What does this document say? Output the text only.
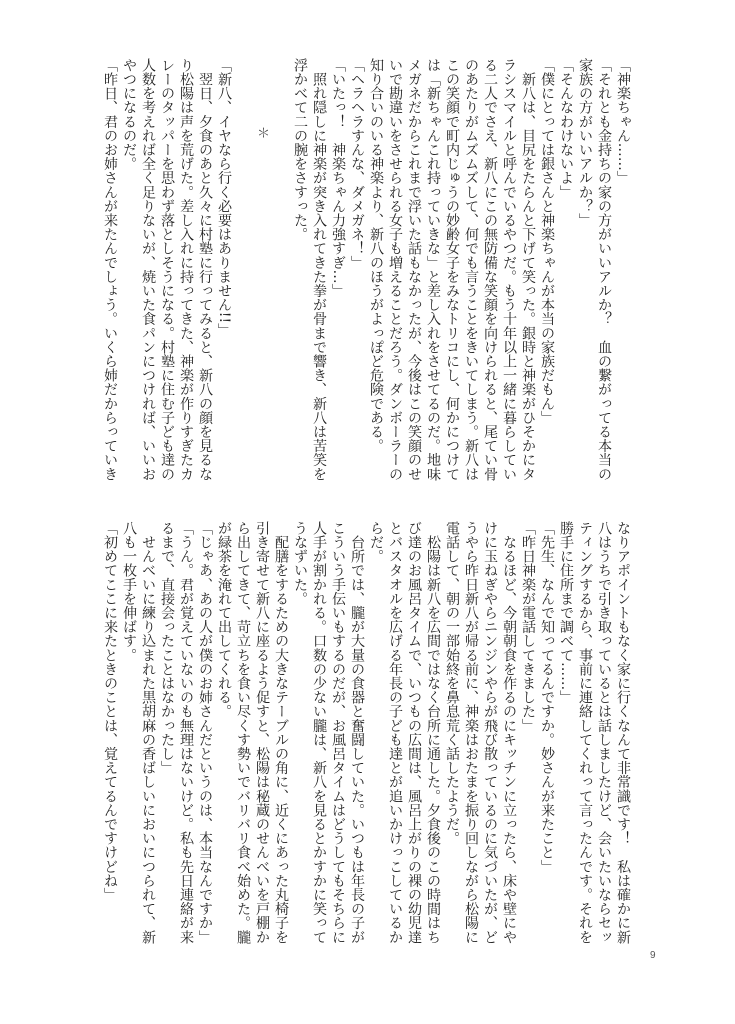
「神楽ちゃん……」
「それとも金持ちの家の方がいいアルか？　血の繋がってる本当の
家族の方がいいアルか？」
「そんなわけないよ」
「僕にとっては銀さんと神楽ちゃんが本当の家族だもん」
　新八は、目尻をたらんと下げて笑った。銀時と神楽がひそかにタ
ラシスマイルと呼んでいるやつだ。もう十年以上一緒に暮らしてい
る二人でさえ、新八にこの無防備な笑顔を向けられると、尾てい骨
のあたりがムズムズして、何でも言うことをきいてしまう。新八は
この笑顔で町内じゅうの妙齢女子をみなトリコにし、何かにつけて
は「新ちゃんこれ持っていきな」と差し入れをさせてるのだ。地味
メガネだからこれまで浮いた話もなかったが、今後はこの笑顔のせ
いで勘違いをさせられる女子も増えることだろう。ダンボーラーの
知り合いのいる神楽より、新八のほうがよっぽど危険である。
「ヘラヘラすんな、ダメガネ！」
「いたっ！　神楽ちゃん力強すぎ…」
　照れ隠しに神楽が突き入れてきた拳が骨まで響き、新八は苦笑を
浮かべて二の腕をさすった。
＊
「新八、イヤなら行く必要はありません!!」
　翌日、夕食のあと久々に村塾に行ってみると、新八の顔を見るな
り松陽は声を荒げた。差し入れに持ってきた、神楽が作りすぎたカ
レーのタッパーを思わず落としそうになる。村塾に住む子ども達の
人数を考えれば全く足りないが、焼いた食パンにつければ、いいお
やつになるのだ。
「昨日、君のお姉さんが来たんでしょう。いくら姉だからっていき
なりアポイントもなく家に行くなんて非常識です！　私は確かに新
八はうちで引き取っているとは話しましたけど、会いたいならセッ
ティングするから、事前に連絡してくれって言ったんです。それを
勝手に住所まで調べて……」
「先生、なんで知ってるんですか。妙さんが来たこと」
「昨日神楽が電話してきました」
　なるほど、今朝朝食を作るのにキッチンに立ったら、床や壁にや
けに玉ねぎやらニンジンやらが飛び散っているのに気づいたが、ど
うやら昨日新八が帰る前に、神楽はおたまを振り回しながら松陽に
電話して、朝の一部始終を鼻息荒く話したようだ。
　松陽は新八を広間ではなく台所に通した。夕食後のこの時間はち
び達のお風呂タイムで、いつもの広間は、風呂上がりの裸の幼児達
とバスタオルを広げる年長の子ども達とが追いかけっこしているか
らだ。
　台所では、朧が大量の食器と奮闘していた。いつもは年長の子が
こういう手伝いもするのだが、お風呂タイムはどうしてもそちらに
人手が割かれる。口数の少ない朧は、新八を見るとかすかに笑って
うなずいた。
　配膳をするための大きなテーブルの角に、近くにあった丸椅子を
引き寄せて新八に座るよう促すと、松陽は秘蔵のせんべいを戸棚か
ら出してきて、苛立ちを食い尽くす勢いでバリバリ食べ始めた。朧
が緑茶を淹れて出してくれる。
「じゃあ、あの人が僕のお姉さんだというのは、本当なんですか」
「うん。君が覚えていないのも無理はないけど。私も先日連絡が来
るまで、直接会ったことはなかったし」
　せんべいに練り込まれた黒胡麻の香ばしいにおいにつられて、新
八も一枚手を伸ばす。
「初めてここに来たときのことは、覚えてるんですけどね」
9
